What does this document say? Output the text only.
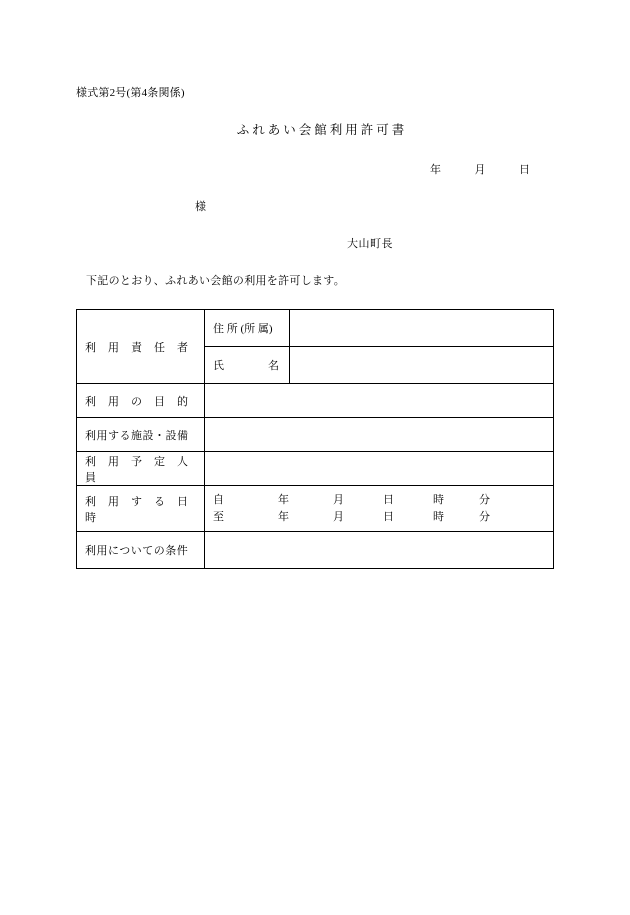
様式第2号(第4条関係)
ふれあい会館利用許可書
年	月	日
様
大山町長
下記のとおり、ふれあい会館の利用を許可します。
利　用　責　任　者	住 所 (所 属)	
	氏　　　　名	
利　用　の　目　的		
利用する施設・設備		
利　用　予　定　人　員		
利　用　す　る　日　時	自 年 月 日 時 分
至 年 月 日 時 分	

利用についての条件		
